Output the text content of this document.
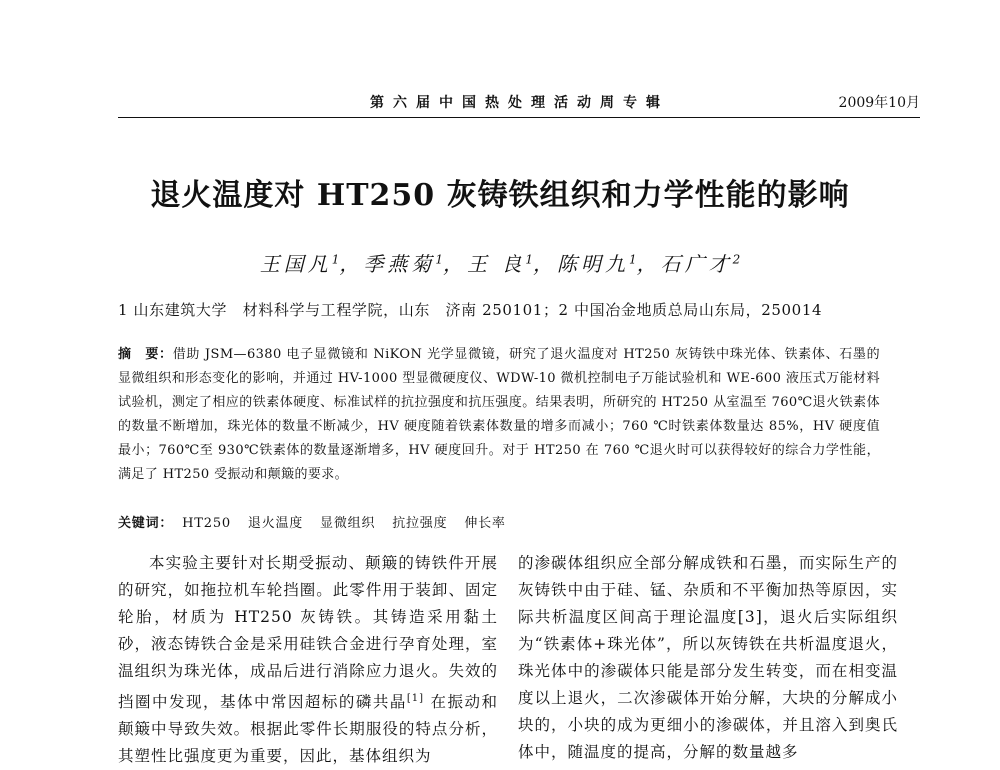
第六届中国热处理活动周专辑	2009年10月
退火温度对 HT250 灰铸铁组织和力学性能的影响
王国凡$^1$，季燕菊$^1$，王 良$^1$，陈明九$^1$，石广才$^2$
1 山东建筑大学　材料科学与工程学院，山东　济南 250101；2 中国冶金地质总局山东局，250014
摘　要：借助 JSM—6380 电子显微镜和 NiKON 光学显微镜，研究了退火温度对 HT250 灰铸铁中珠光体、铁素体、石墨的显微组织和形态变化的影响，并通过 HV-1000 型显微硬度仪、WDW-10 微机控制电子万能试验机和 WE-600 液压式万能材料试验机，测定了相应的铁素体硬度、标准试样的抗拉强度和抗压强度。结果表明，所研究的 HT250 从室温至 760℃退火铁素体的数量不断增加，珠光体的数量不断减少，HV 硬度随着铁素体数量的增多而减小；760 ℃时铁素体数量达 85%，HV 硬度值最小；760℃至 930℃铁素体的数量逐渐增多，HV 硬度回升。对于 HT250 在 760 ℃退火时可以获得较好的综合力学性能，满足了 HT250 受振动和颠簸的要求。
关键词： HT250 退火温度 显微组织 抗拉强度 伸长率
本实验主要针对长期受振动、颠簸的铸铁件开展的研究，如拖拉机车轮挡圈。此零件用于装卸、固定轮胎，材质为 HT250 灰铸铁。其铸造采用黏土砂，液态铸铁合金是采用硅铁合金进行孕育处理，室温组织为珠光体，成品后进行消除应力退火。失效的挡圈中发现，基体中常因超标的磷共晶[1] 在振动和颠簸中导致失效。根据此零件长期服役的特点分析，其塑性比强度更为重要，因此，基体组织为
的渗碳体组织应全部分解成铁和石墨，而实际生产的灰铸铁中由于硅、锰、杂质和不平衡加热等原因，实际共析温度区间高于理论温度[3]，退火后实际组织为“铁素体+珠光体”，所以灰铸铁在共析温度退火，珠光体中的渗碳体只能是部分发生转变，而在相变温度以上退火，二次渗碳体开始分解，大块的分解成小块的，小块的成为更细小的渗碳体，并且溶入到奥氏体中，随温度的提高，分解的数量越多
